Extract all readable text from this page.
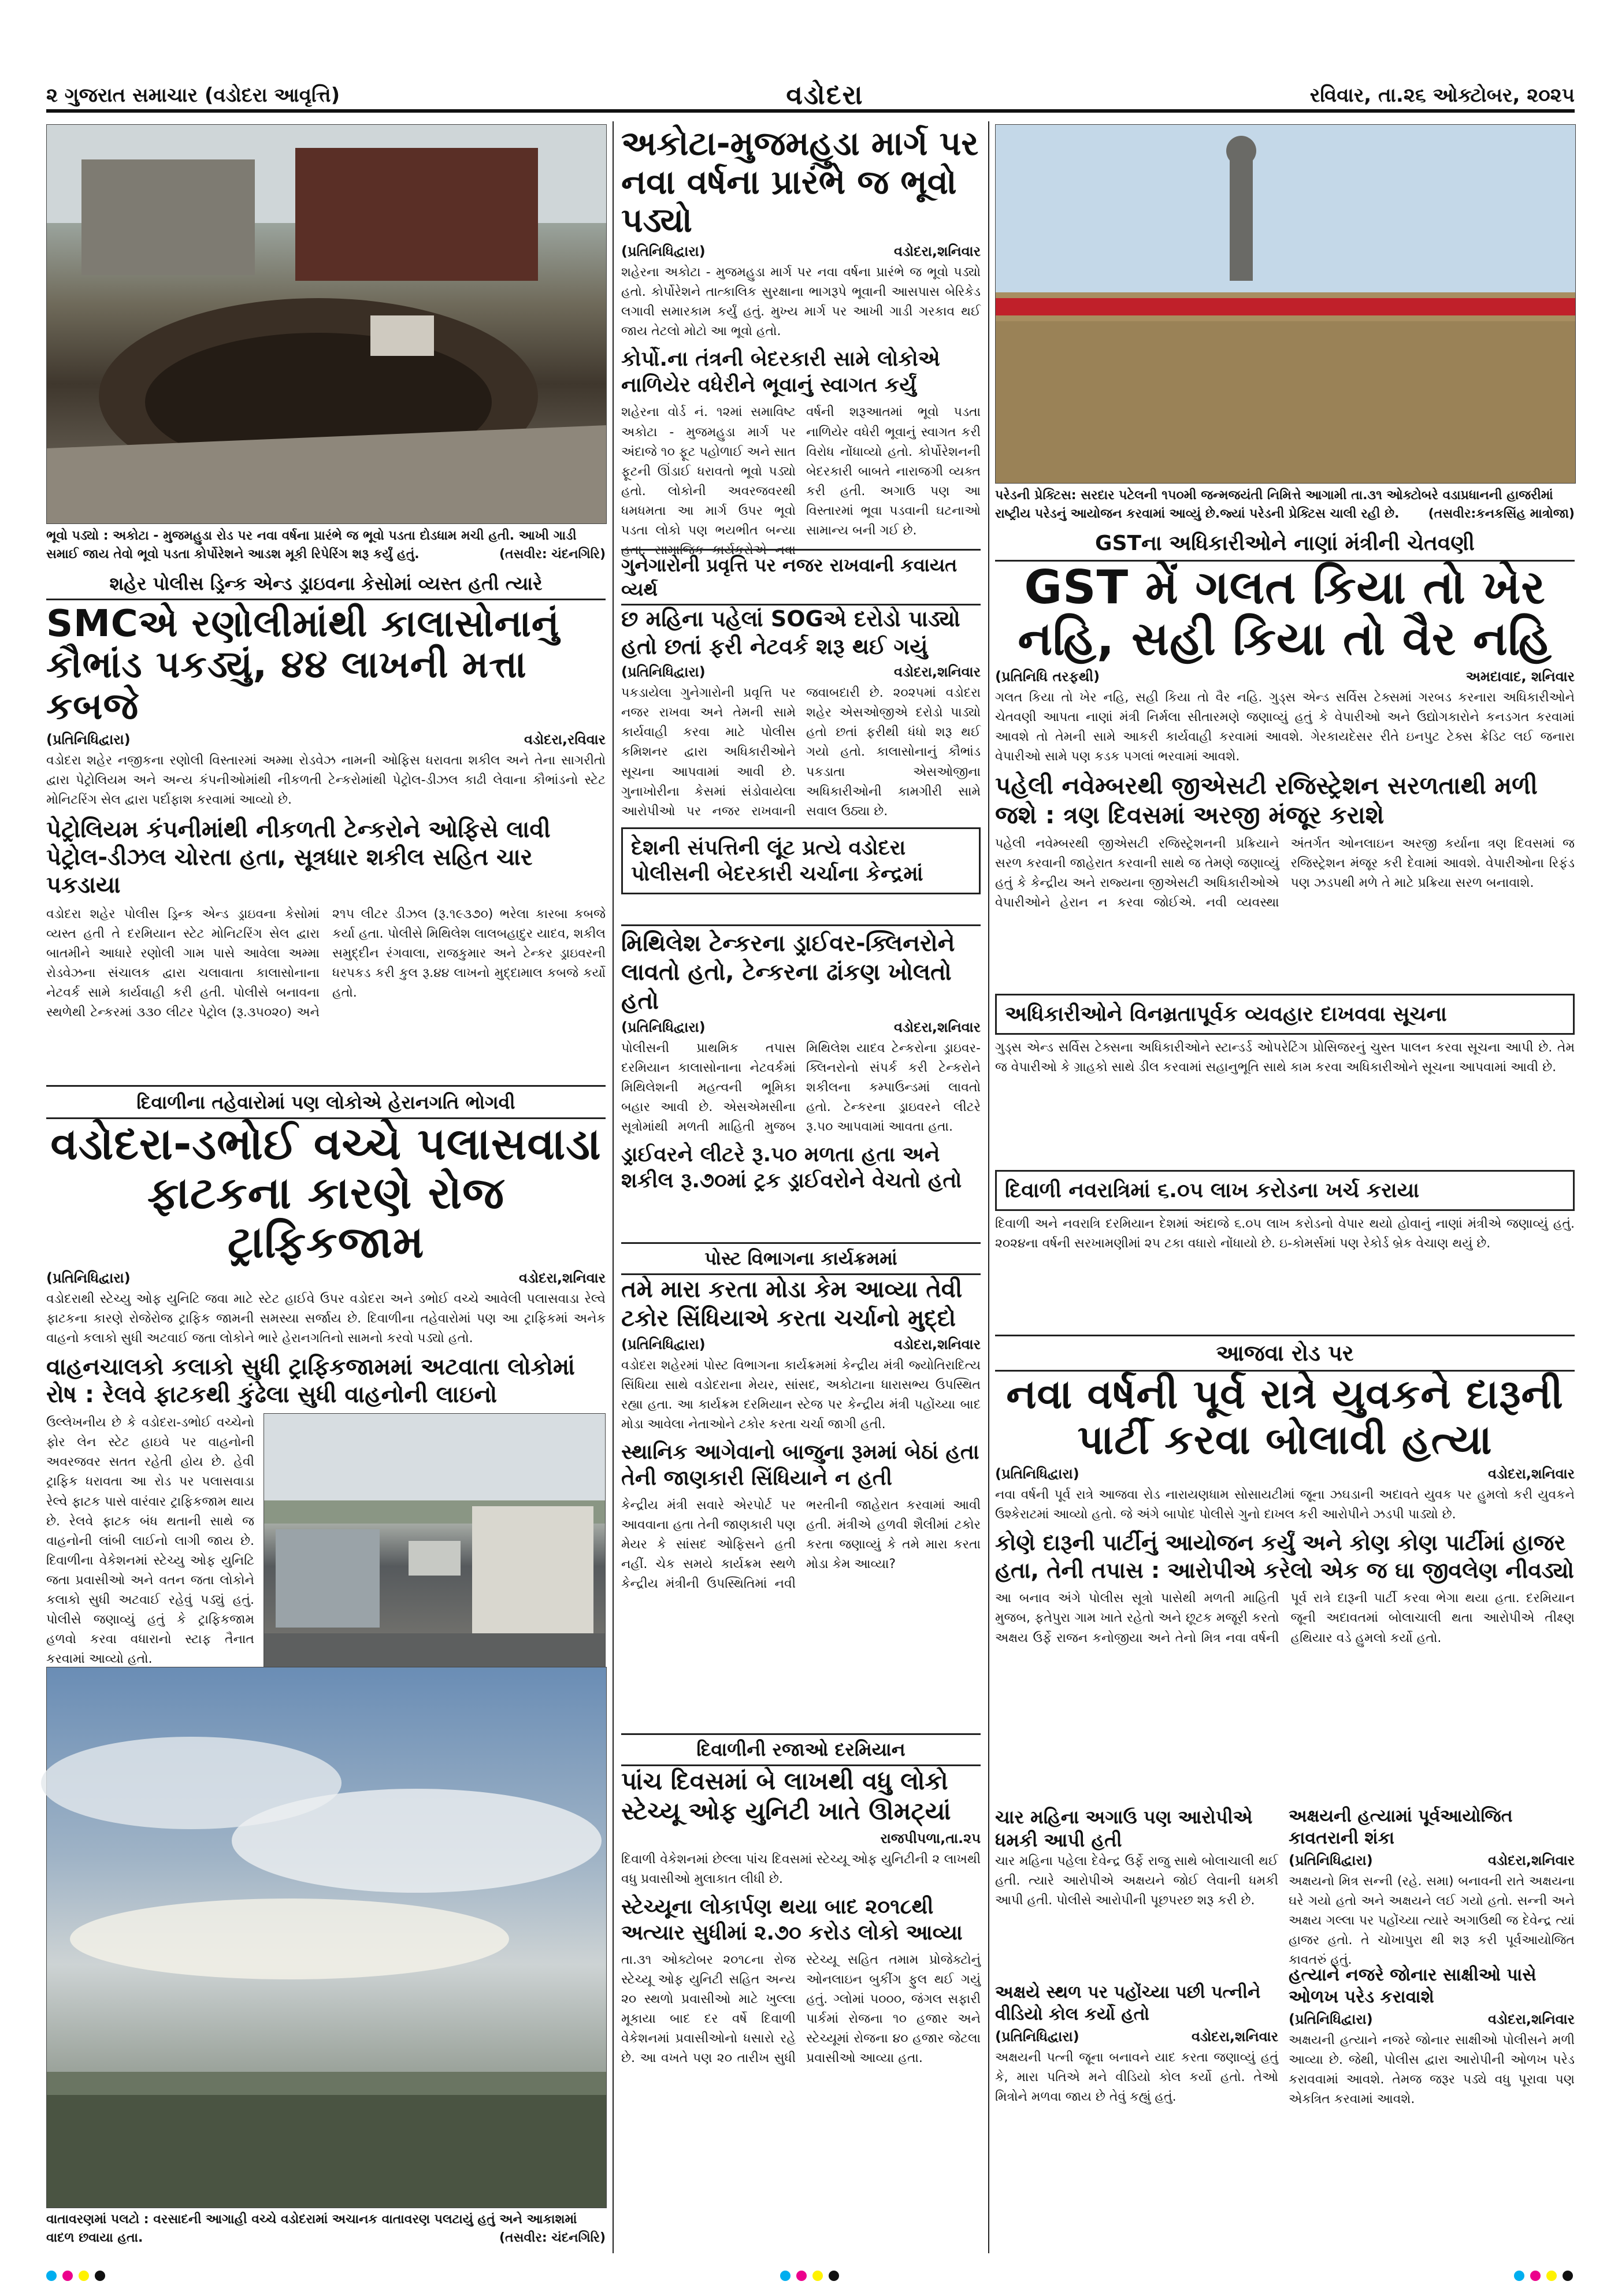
૨ ગુજરાત સમાચાર (વડોદરા આવૃત્તિ)	વડોદરા	રવિવાર, તા.૨૬ ઓક્ટોબર, ૨૦૨૫
ભૂવો પડ્યો : અકોટા - મુજમહુડા રોડ પર નવા વર્ષના પ્રારંભે જ ભૂવો પડતા દોડધામ મચી હતી. આખી ગાડી સમાઈ જાય તેવો ભૂવો પડતા કોર્પોરેશને આડશ મૂકી રિપેરિંગ શરૂ કર્યું હતું.	(તસવીર: ચંદનગિરિ)
શહેર પોલીસ ડ્રિન્ક એન્ડ ડ્રાઇવના કેસોમાં વ્યસ્ત હતી ત્યારે
SMCએ રણોલીમાંથી કાલાસોનાનું કૌભાંડ પકડ્યું, ૪૪ લાખની મત્તા કબજે
(પ્રતિનિધિદ્વારા)	વડોદરા,રવિવાર
વડોદરા શહેર નજીકના રણોલી વિસ્તારમાં અમ્મા રોડવેઝ નામની ઓફિસ ધરાવતા શકીલ અને તેના સાગરીતો દ્વારા પેટ્રોલિયમ અને અન્ય કંપનીઓમાંથી નીકળતી ટેન્કરોમાંથી પેટ્રોલ-ડીઝલ કાઢી લેવાના કૌભાંડનો સ્ટેટ મોનિટરિંગ સેલ દ્વારા પર્દાફાશ કરવામાં આવ્યો છે.
પેટ્રોલિયમ કંપનીમાંથી નીકળતી ટેન્કરોને ઓફિસે લાવી પેટ્રોલ-ડીઝલ ચોરતા હતા, સૂત્રધાર શકીલ સહિત ચાર પકડાયા
વડોદરા શહેર પોલીસ ડ્રિન્ક એન્ડ ડ્રાઇવના કેસોમાં વ્યસ્ત હતી તે દરમિયાન સ્ટેટ મોનિટરિંગ સેલ દ્વારા બાતમીને આધારે રણોલી ગામ પાસે આવેલા અમ્મા રોડવેઝના સંચાલક દ્વારા ચલાવાતા કાલાસોનાના નેટવર્ક સામે કાર્યવાહી કરી હતી. પોલીસે બનાવના સ્થળેથી ટેન્કરમાં ૩૩૦ લીટર પેટ્રોલ (રૂ.૩૫૦૨૦) અને ૨૧૫ લીટર ડીઝલ (રૂ.૧૯૩૭૦) ભરેલા કારબા કબજે કર્યા હતા. પોલીસે મિથિલેશ લાલબહાદુર યાદવ, શકીલ સમુદ્દીન રંગવાલા, રાજકુમાર અને ટેન્કર ડ્રાઇવરની ધરપકડ કરી કુલ રૂ.૪૪ લાખનો મુદ્દામાલ કબજે કર્યો હતો.
દિવાળીના તહેવારોમાં પણ લોકોએ હેરાનગતિ ભોગવી
વડોદરા-ડભોઈ વચ્ચે પલાસવાડા ફાટકના કારણે રોજ ટ્રાફિકજામ
(પ્રતિનિધિદ્વારા)	વડોદરા,શનિવાર
વડોદરાથી સ્ટેચ્યુ ઓફ યુનિટિ જવા માટે સ્ટેટ હાઈવે ઉપર વડોદરા અને ડભોઈ વચ્ચે આવેલી પલાસવાડા રેલ્વે ફાટકના કારણે રોજેરોજ ટ્રાફિક જામની સમસ્યા સર્જાય છે. દિવાળીના તહેવારોમાં પણ આ ટ્રાફિકમાં અનેક વાહનો કલાકો સુધી અટવાઈ જતા લોકોને ભારે હેરાનગતિનો સામનો કરવો પડ્યો હતો.
વાહનચાલકો કલાકો સુધી ટ્રાફિકજામમાં અટવાતા લોકોમાં રોષ : રેલવે ફાટકથી કુંઢેલા સુધી વાહનોની લાઇનો
ઉલ્લેખનીય છે કે વડોદરા-ડભોઈ વચ્ચેનો ફોર લેન સ્ટેટ હાઇવે પર વાહનોની અવરજવર સતત રહેતી હોય છે. હેવી ટ્રાફિક ધરાવતા આ રોડ પર પલાસવાડા રેલ્વે ફાટક પાસે વારંવાર ટ્રાફિકજામ થાય છે. રેલવે ફાટક બંધ થતાની સાથે જ વાહનોની લાંબી લાઈનો લાગી જાય છે. દિવાળીના વેકેશનમાં સ્ટેચ્યુ ઓફ યુનિટિ જતા પ્રવાસીઓ અને વતન જતા લોકોને કલાકો સુધી અટવાઈ રહેવું પડ્યું હતું. પોલીસે જણાવ્યું હતું કે ટ્રાફિકજામ હળવો કરવા વધારાનો સ્ટાફ તૈનાત કરવામાં આવ્યો હતો.
વાતાવરણમાં પલટો : વરસાદની આગાહી વચ્ચે વડોદરામાં અચાનક વાતાવરણ પલટાયું હતું અને આકાશમાં વાદળ છવાયા હતા.	(તસવીર: ચંદનગિરિ)
અકોટા-મુજમહુડા માર્ગ પર નવા વર્ષના પ્રારંભે જ ભૂવો પડ્યો
(પ્રતિનિધિદ્વારા)	વડોદરા,શનિવાર
શહેરના અકોટા - મુજમહુડા માર્ગ પર નવા વર્ષના પ્રારંભે જ ભૂવો પડ્યો હતો. કોર્પોરેશને તાત્કાલિક સુરક્ષાના ભાગરૂપે ભૂવાની આસપાસ બેરિકેડ લગાવી સમારકામ કર્યું હતું. મુખ્ય માર્ગ પર આખી ગાડી ગરકાવ થઈ જાય તેટલો મોટો આ ભૂવો હતો.
કોર્પો.ના તંત્રની બેદરકારી સામે લોકોએ નાળિયેર વધેરીને ભૂવાનું સ્વાગત કર્યું
શહેરના વોર્ડ નં. ૧૨માં સમાવિષ્ટ અકોટા - મુજમહુડા માર્ગ પર અંદાજે ૧૦ ફૂટ પહોળાઈ અને સાત ફૂટની ઊંડાઈ ધરાવતો ભૂવો પડ્યો હતો. લોકોની અવરજવરથી ધમધમતા આ માર્ગ ઉપર ભૂવો પડતા લોકો પણ ભયભીત બન્યા વર્ષની શરૂઆતમાં ભૂવો પડતા નાળિયેર વધેરી ભૂવાનું સ્વાગત કરી વિરોધ નોંધાવ્યો હતો. કોર્પોરેશનની બેદરકારી બાબતે નારાજગી વ્યક્ત કરી હતી. અગાઉ પણ આ વિસ્તારમાં ભૂવા પડવાની ઘટનાઓ સામાન્ય બની ગઈ છે.
ગુનેગારોની પ્રવૃત્તિ પર નજર રાખવાની કવાયત વ્યર્થ
છ મહિના પહેલાં SOGએ દરોડો પાડ્યો હતો છતાં ફરી નેટવર્ક શરૂ થઈ ગયું
(પ્રતિનિધિદ્વારા)	વડોદરા,શનિવાર
પકડાયેલા ગુનેગારોની પ્રવૃત્તિ પર નજર રાખવા અને તેમની સામે કાર્યવાહી કરવા માટે પોલીસ કમિશનર દ્વારા અધિકારીઓને સૂચના આપવામાં આવી છે. ગુનાખોરીના કેસમાં સંડોવાયેલા આરોપીઓ પર નજર રાખવાની જવાબદારી છે. ૨૦૨૫માં વડોદરા શહેર એસઓજીએ દરોડો પાડ્યો હતો છતાં ફરીથી ધંધો શરૂ થઈ ગયો હતો. કાલાસોનાનું કૌભાંડ પકડાતા એસઓજીના અધિકારીઓની કામગીરી સામે સવાલ ઉઠ્યા છે.
દેશની સંપત્તિની લૂંટ પ્રત્યે વડોદરા પોલીસની બેદરકારી ચર્ચાના કેન્દ્રમાં
મિથિલેશ ટેન્કરના ડ્રાઈવર-ક્લિનરોને લાવતો હતો, ટેન્કરના ઢાંકણ ખોલતો હતો
(પ્રતિનિધિદ્વારા)	વડોદરા,શનિવાર
પોલીસની પ્રાથમિક તપાસ દરમિયાન કાલાસોનાના નેટવર્કમાં મિથિલેશની મહત્વની ભૂમિકા બહાર આવી છે. એસએમસીના સૂત્રોમાંથી મળતી માહિતી મુજબ મિથિલેશ યાદવ ટેન્કરોના ડ્રાઇવર-ક્લિનરોનો સંપર્ક કરી ટેન્કરોને શકીલના કમ્પાઉન્ડમાં લાવતો હતો. ટેન્કરના ડ્રાઇવરને લીટરે રૂ.૫૦ આપવામાં આવતા હતા.
ડ્રાઈવરને લીટરે રૂ.૫૦ મળતા હતા અને શકીલ રૂ.૭૦માં ટ્રક ડ્રાઈવરોને વેચતો હતો
પોસ્ટ વિભાગના કાર્યક્રમમાં
તમે મારા કરતા મોડા કેમ આવ્યા તેવી ટકોર સિંધિયાએ કરતા ચર્ચાનો મુદ્દો
(પ્રતિનિધિદ્વારા)	વડોદરા,શનિવાર
વડોદરા શહેરમાં પોસ્ટ વિભાગના કાર્યક્રમમાં કેન્દ્રીય મંત્રી જ્યોતિરાદિત્ય સિંધિયા સાથે વડોદરાના મેયર, સાંસદ, અકોટાના ધારાસભ્ય ઉપસ્થિત રહ્યા હતા. આ કાર્યક્રમ દરમિયાન સ્ટેજ પર કેન્દ્રીય મંત્રી પહોંચ્યા બાદ મોડા આવેલા નેતાઓને ટકોર કરતા ચર્ચા જાગી હતી.
સ્થાનિક આગેવાનો બાજુના રૂમમાં બેઠાં હતા તેની જાણકારી સિંધિયાને ન હતી
કેન્દ્રીય મંત્રી સવારે એરપોર્ટ પર આવવાના હતા તેની જાણકારી પણ મેયર કે સાંસદ ઓફિસને હતી નહીં. ચેક સમયે કાર્યક્રમ સ્થળે કેન્દ્રીય મંત્રીની ઉપસ્થિતિમાં નવી ભરતીની જાહેરાત કરવામાં આવી હતી. મંત્રીએ હળવી શૈલીમાં ટકોર કરતા જણાવ્યું કે તમે મારા કરતા મોડા કેમ આવ્યા?
દિવાળીની રજાઓ દરમિયાન
પાંચ દિવસમાં બે લાખથી વધુ લોકો સ્ટેચ્યૂ ઓફ યુનિટી ખાતે ઊમટ્યાં
રાજપીપળા,તા.૨૫
દિવાળી વેકેશનમાં છેલ્લા પાંચ દિવસમાં સ્ટેચ્યૂ ઓફ યુનિટીની ૨ લાખથી વધુ પ્રવાસીઓ મુલાકાત લીધી છે.
સ્ટેચ્યૂના લોકાર્પણ થયા બાદ ૨૦૧૮થી અત્યાર સુધીમાં ૨.૭૦ કરોડ લોકો આવ્યા
તા.૩૧ ઓક્ટોબર ૨૦૧૮ના રોજ સ્ટેચ્યૂ ઓફ યુનિટી સહિત અન્ય ૨૦ સ્થળો પ્રવાસીઓ માટે ખુલ્લા મૂકાયા બાદ દર વર્ષે દિવાળી વેકેશનમાં પ્રવાસીઓનો ધસારો રહે છે. આ વખતે પણ ૨૦ તારીખ સુધી સ્ટેચ્યૂ સહિત તમામ પ્રોજેક્ટોનું ઓનલાઇન બુકીંગ ફુલ થઈ ગયું હતું. ગ્લોમાં ૫૦૦૦, જંગલ સફારી પાર્કમાં રોજના ૧૦ હજાર અને સ્ટેચ્યૂમાં રોજના ૪૦ હજાર જેટલા પ્રવાસીઓ આવ્યા હતા.
પરેડની પ્રેક્ટિસ: સરદાર પટેલની ૧૫૦મી જન્મજયંતી નિમિત્તે આગામી તા.૩૧ ઓક્ટોબરે વડાપ્રધાનની હાજરીમાં રાષ્ટ્રીય પરેડનું આયોજન કરવામાં આવ્યું છે.જ્યાં પરેડની પ્રેક્ટિસ ચાલી રહી છે. (તસવીર:કનકસિંહ માત્રોજા)
GSTના અધિકારીઓને નાણાં મંત્રીની ચેતવણી
GST મેં ગલત કિયા તો ખેર નહિ, સહી કિયા તો વૈર નહિ
(પ્રતિનિધિ તરફથી)	અમદાવાદ, શનિવાર
ગલત કિયા તો ખેર નહિ, સહી કિયા તો વૈર નહિ. ગુડ્સ એન્ડ સર્વિસ ટેક્સમાં ગરબડ કરનારા અધિકારીઓને ચેતવણી આપતા નાણાં મંત્રી નિર્મલા સીતારમણે જણાવ્યું હતું કે વેપારીઓ અને ઉદ્યોગકારોને કનડગત કરવામાં આવશે તો તેમની સામે આકરી કાર્યવાહી કરવામાં આવશે. ગેરકાયદેસર રીતે ઇનપુટ ટેક્સ ક્રેડિટ લઈ જનારા વેપારીઓ સામે પણ કડક પગલાં ભરવામાં આવશે.
પહેલી નવેમ્બરથી જીએસટી રજિસ્ટ્રેશન સરળતાથી મળી જશે : ત્રણ દિવસમાં અરજી મંજૂર કરાશે
પહેલી નવેમ્બરથી જીએસટી રજિસ્ટ્રેશનની પ્રક્રિયાને સરળ કરવાની જાહેરાત કરવાની સાથે જ તેમણે જણાવ્યું હતું કે કેન્દ્રીય અને રાજ્યના જીએસટી અધિકારીઓએ વેપારીઓને હેરાન ન કરવા જોઈએ. નવી વ્યવસ્થા અંતર્ગત ઓનલાઇન અરજી કર્યાના ત્રણ દિવસમાં જ રજિસ્ટ્રેશન મંજૂર કરી દેવામાં આવશે. વેપારીઓના રિફંડ પણ ઝડપથી મળે તે માટે પ્રક્રિયા સરળ બનાવાશે.
અધિકારીઓને વિનમ્રતાપૂર્વક વ્યવહાર દાખવવા સૂચના
ગુડ્સ એન્ડ સર્વિસ ટેક્સના અધિકારીઓને સ્ટાન્ડર્ડ ઓપરેટિંગ પ્રોસિજરનું ચુસ્ત પાલન કરવા સૂચના આપી છે. તેમ જ વેપારીઓ કે ગ્રાહકો સાથે ડીલ કરવામાં સહાનુભૂતિ સાથે કામ કરવા અધિકારીઓને સૂચના આપવામાં આવી છે.
દિવાળી નવરાત્રિમાં ૬.૦૫ લાખ કરોડના ખર્ચ કરાયા
દિવાળી અને નવરાત્રિ દરમિયાન દેશમાં અંદાજે ૬.૦૫ લાખ કરોડનો વેપાર થયો હોવાનું નાણાં મંત્રીએ જણાવ્યું હતું. ૨૦૨૪ના વર્ષની સરખામણીમાં ૨૫ ટકા વધારો નોંધાયો છે. ઇ-કોમર્સમાં પણ રેકોર્ડ બ્રેક વેચાણ થયું છે.
આજવા રોડ પર
નવા વર્ષની પૂર્વ રાત્રે યુવકને દારૂની પાર્ટી કરવા બોલાવી હત્યા
(પ્રતિનિધિદ્વારા)	વડોદરા,શનિવાર
નવા વર્ષની પૂર્વ રાત્રે આજવા રોડ નારાયણધામ સોસાયટીમાં જૂના ઝઘડાની અદાવતે યુવક પર હુમલો કરી યુવકને ઉશ્કેરાટમાં આવ્યો હતો. જે અંગે બાપોદ પોલીસે ગુનો દાખલ કરી આરોપીને ઝડપી પાડ્યો છે.
કોણે દારૂની પાર્ટીનું આયોજન કર્યું અને કોણ કોણ પાર્ટીમાં હાજર હતા, તેની તપાસ : આરોપીએ કરેલો એક જ ઘા જીવલેણ નીવડ્યો
આ બનાવ અંગે પોલીસ સૂત્રો પાસેથી મળતી માહિતી મુજબ, ફતેપુરા ગામ ખાતે રહેતો અને છૂટક મજૂરી કરતો અક્ષય ઉર્ફે રાજન કનોજીયા અને તેનો મિત્ર નવા વર્ષની પૂર્વ રાત્રે દારૂની પાર્ટી કરવા ભેગા થયા હતા. દરમિયાન જૂની અદાવતમાં બોલાચાલી થતા આરોપીએ તીક્ષ્ણ હથિયાર વડે હુમલો કર્યો હતો.
ચાર મહિના અગાઉ પણ આરોપીએ ધમકી આપી હતી
ચાર મહિના પહેલા દેવેન્દ્ર ઉર્ફે રાજુ સાથે બોલાચાલી થઈ હતી. ત્યારે આરોપીએ અક્ષયને જોઈ લેવાની ધમકી આપી હતી. પોલીસે આરોપીની પૂછપરછ શરૂ કરી છે.
અક્ષયની હત્યામાં પૂર્વઆયોજિત કાવતરાની શંકા
(પ્રતિનિધિદ્વારા)	વડોદરા,શનિવાર
અક્ષયનો મિત્ર સન્ની (રહે. સમા) બનાવની રાતે અક્ષયના ઘરે ગયો હતો અને અક્ષયને લઈ ગયો હતો. સન્ની અને અક્ષય ગલ્લા પર પહોંચ્યા ત્યારે અગાઉથી જ દેવેન્દ્ર ત્યાં હાજર હતો. તે ચોખાપુરા થી શરૂ કરી પૂર્વઆયોજિત કાવતરું હતું.
અક્ષયે સ્થળ પર પહોંચ્યા પછી પત્નીને વીડિયો કોલ કર્યો હતો
(પ્રતિનિધિદ્વારા)	વડોદરા,શનિવાર
અક્ષયની પત્ની જૂના બનાવને યાદ કરતા જણાવ્યું હતું કે, મારા પતિએ મને વીડિયો કોલ કર્યો હતો. તેઓ મિત્રોને મળવા જાય છે તેવું કહ્યું હતું.
હત્યાને નજરે જોનાર સાક્ષીઓ પાસે ઓળખ પરેડ કરાવાશે
(પ્રતિનિધિદ્વારા)	વડોદરા,શનિવાર
અક્ષયની હત્યાને નજરે જોનાર સાક્ષીઓ પોલીસને મળી આવ્યા છે. જેથી, પોલીસ દ્વારા આરોપીની ઓળખ પરેડ કરાવવામાં આવશે. તેમજ જરૂર પડ્યે વધુ પૂરાવા પણ એકત્રિત કરવામાં આવશે.
